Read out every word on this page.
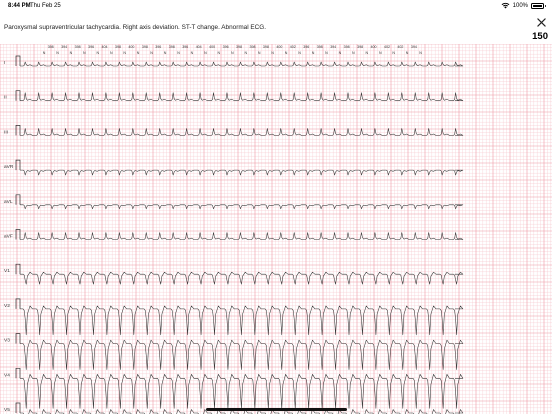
8:44 PM Thu Feb 25	100%
Paroxysmal supraventricular tachycardia. Right axis deviation. ST-T change. Abnormal ECG.
150
398 394 398 396 404 398 400 398 396 398 396 404 400 396 398 398 398 400 402 396 398 394 398 398 400 402 402 394
N	N	N	N	N	N	N	N	N	N	N	N	N	N	N	N	N	N	N	N	N	N	N	N	N	N	N	N	N
I
II
III
aVR
aVL
aVF
V1
V2
V3
V4
V5
